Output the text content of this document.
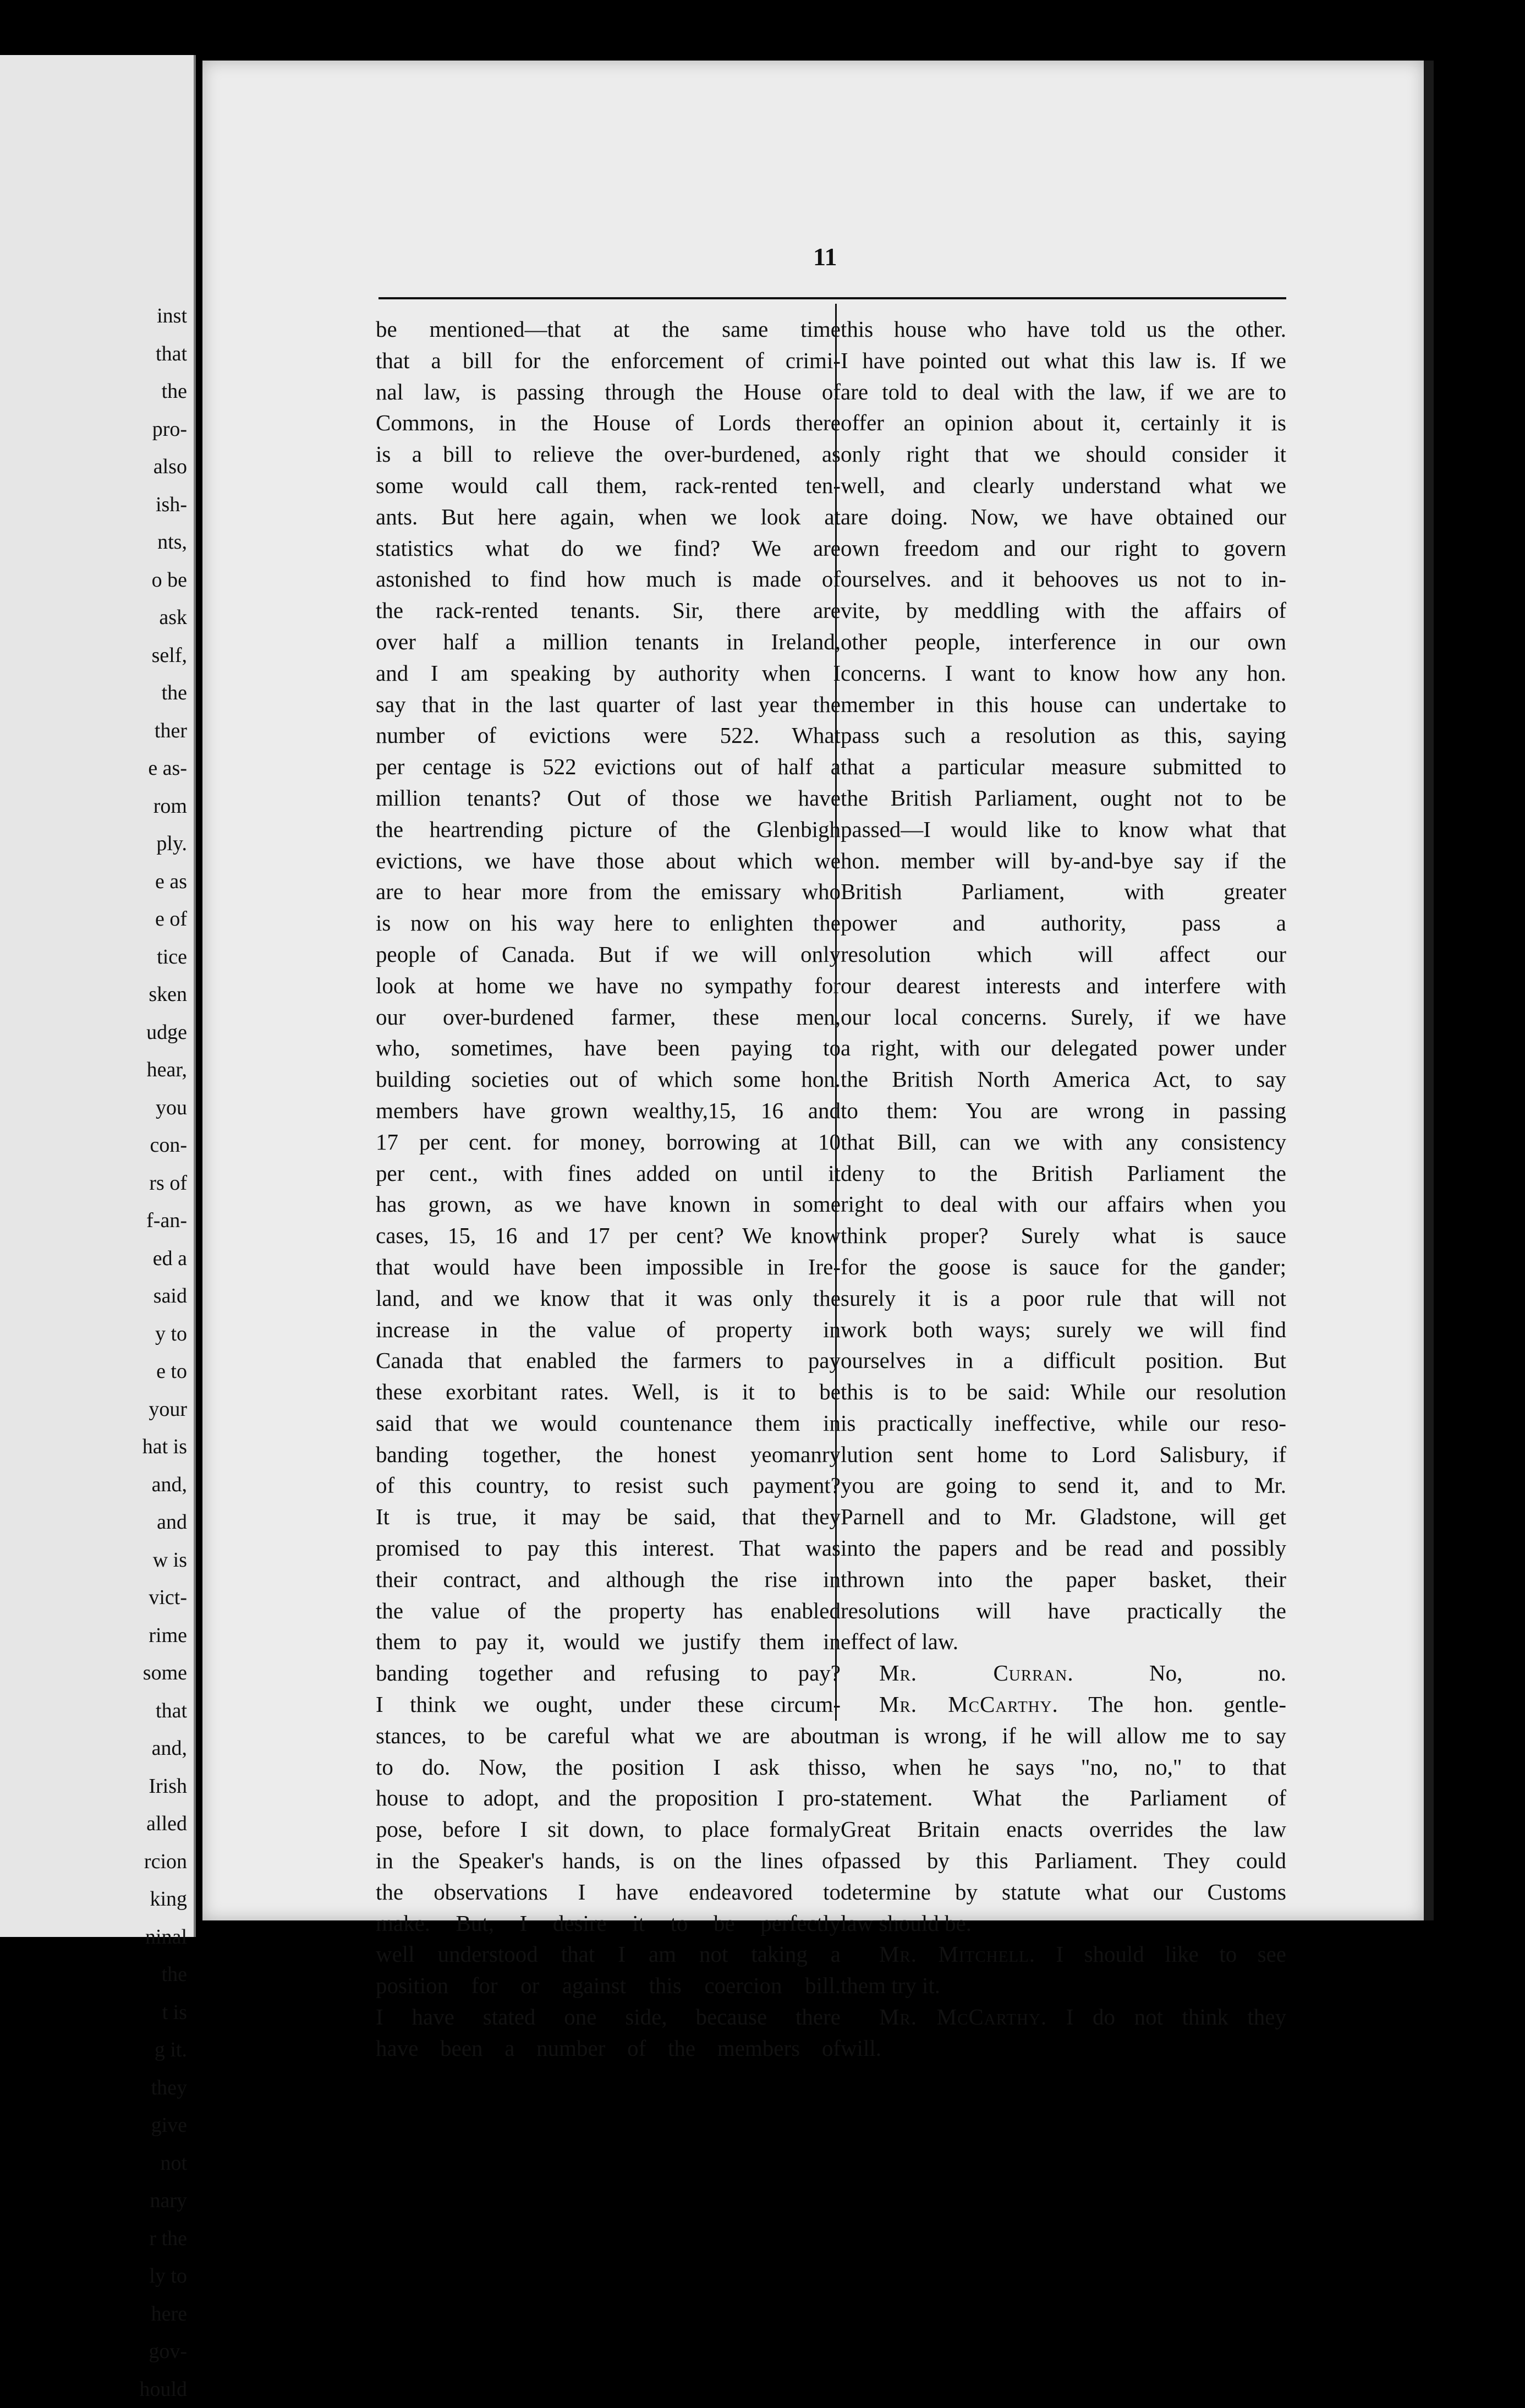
inst
that
the
pro-
also
ish-
nts,
o be
ask
self,
the
ther
e as-
rom
ply.
e as
e of
tice
sken
udge
hear,
you
con-
rs of
f-an-
ed a
said
y to
e to
your
hat is
and,
and
w is
vict-
rime
some
that
and,
Irish
alled
rcion
king
ninal
the
t is
g it.
they
give
not
nary
r the
ly to
here
gov-
hould
11
be mentioned—that at the same time
that a bill for the enforcement of crimi-
nal law, is passing through the House of
Commons, in the House of Lords there
is a bill to relieve the over-burdened, as
some would call them, rack-rented ten-
ants. But here again, when we look at
statistics what do we find? We are
astonished to find how much is made of
the rack-rented tenants. Sir, there are
over half a million tenants in Ireland,
and I am speaking by authority when I
say that in the last quarter of last year the
number of evictions were 522. What
per centage is 522 evictions out of half a
million tenants? Out of those we have
the heartrending picture of the Glenbigh
evictions, we have those about which we
are to hear more from the emissary who
is now on his way here to enlighten the
people of Canada. But if we will only
look at home we have no sympathy for
our over-burdened farmer, these men,
who, sometimes, have been paying to
building societies out of which some hon.
members have grown wealthy,15, 16 and
17 per cent. for money, borrowing at 10
per cent., with fines added on until it
has grown, as we have known in some
cases, 15, 16 and 17 per cent? We know
that would have been impossible in Ire-
land, and we know that it was only the
increase in the value of property in
Canada that enabled the farmers to pay
these exorbitant rates. Well, is it to be
said that we would countenance them in
banding together, the honest yeomanry
of this country, to resist such payment?
It is true, it may be said, that they
promised to pay this interest. That was
their contract, and although the rise in
the value of the property has enabled
them to pay it, would we justify them in
banding together and refusing to pay?
I think we ought, under these circum-
stances, to be careful what we are about
to do. Now, the position I ask this
house to adopt, and the proposition I pro-
pose, before I sit down, to place formaly
in the Speaker's hands, is on the lines of
the observations I have endeavored to
make. But, I desire it to be perfectly
well understood that I am not taking a
position for or against this coercion bill.
I have stated one side, because there
have been a number of the members of
this house who have told us the other.
I have pointed out what this law is. If we
are told to deal with the law, if we are to
offer an opinion about it, certainly it is
only right that we should consider it
well, and clearly understand what we
are doing. Now, we have obtained our
own freedom and our right to govern
ourselves. and it behooves us not to in-
vite, by meddling with the affairs of
other people, interference in our own
concerns. I want to know how any hon.
member in this house can undertake to
pass such a resolution as this, saying
that a particular measure submitted to
the British Parliament, ought not to be
passed—I would like to know what that
hon. member will by-and-bye say if the
British Parliament, with greater
power and authority, pass a
resolution which will affect our
our dearest interests and interfere with
our local concerns. Surely, if we have
a right, with our delegated power under
the British North America Act, to say
to them: You are wrong in passing
that Bill, can we with any consistency
deny to the British Parliament the
right to deal with our affairs when you
think proper? Surely what is sauce
for the goose is sauce for the gander;
surely it is a poor rule that will not
work both ways; surely we will find
ourselves in a difficult position. But
this is to be said: While our resolution
is practically ineffective, while our reso-
lution sent home to Lord Salisbury, if
you are going to send it, and to Mr.
Parnell and to Mr. Gladstone, will get
into the papers and be read and possibly
thrown into the paper basket, their
resolutions will have practically the
effect of law.
Mr. Curran.	No, no.
Mr. McCarthy. The hon. gentle-
man is wrong, if he will allow me to say
so, when he says "no, no," to that
statement. What the Parliament of
Great Britain enacts overrides the law
passed by this Parliament. They could
determine by statute what our Customs
law should be.
Mr. Mitchell. I should like to see
them try it.
Mr. McCarthy. I do not think they
will.
